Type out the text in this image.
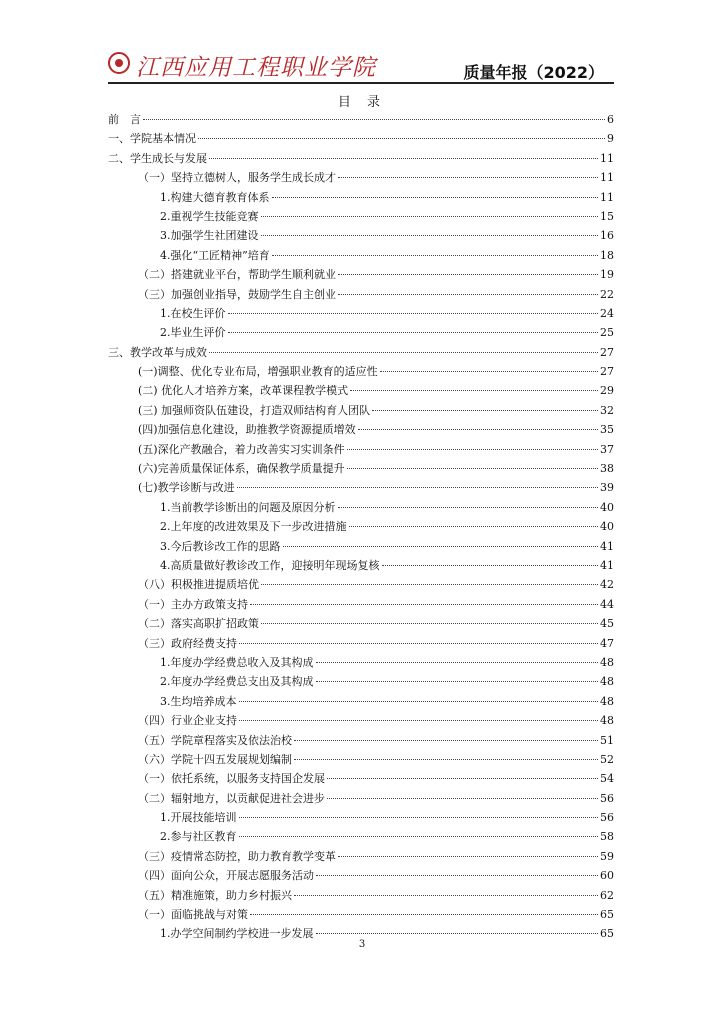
江西应用工程职业学院	质量年报（2022）
目 录
前　言	6
一、学院基本情况	9
二、学生成长与发展	11
（一）坚持立德树人，服务学生成长成才	11
1.构建大德育教育体系	11
2.重视学生技能竞赛	15
3.加强学生社团建设	16
4.强化“工匠精神”培育	18
（二）搭建就业平台，帮助学生顺利就业	19
（三）加强创业指导，鼓励学生自主创业	22
1.在校生评价	24
2.毕业生评价	25
三、教学改革与成效	27
(一)调整、优化专业布局，增强职业教育的适应性	27
(二) 优化人才培养方案，改革课程教学模式	29
(三) 加强师资队伍建设，打造双师结构育人团队	32
(四)加强信息化建设，助推教学资源提质增效	35
(五)深化产教融合，着力改善实习实训条件	37
(六)完善质量保证体系，确保教学质量提升	38
(七)教学诊断与改进	39
1.当前教学诊断出的问题及原因分析	40
2.上年度的改进效果及下一步改进措施	40
3.今后教诊改工作的思路	41
4.高质量做好教诊改工作，迎接明年现场复核	41
（八）积极推进提质培优	42
（一）主办方政策支持	44
（二）落实高职扩招政策	45
（三）政府经费支持	47
1.年度办学经费总收入及其构成	48
2.年度办学经费总支出及其构成	48
3.生均培养成本	48
（四）行业企业支持	48
（五）学院章程落实及依法治校	51
（六）学院十四五发展规划编制	52
（一）依托系统，以服务支持国企发展	54
（二）辐射地方，以贡献促进社会进步	56
1.开展技能培训	56
2.参与社区教育	58
（三）疫情常态防控，助力教育教学变革	59
（四）面向公众，开展志愿服务活动	60
（五）精准施策，助力乡村振兴	62
（一）面临挑战与对策	65
1.办学空间制约学校进一步发展	65
3
